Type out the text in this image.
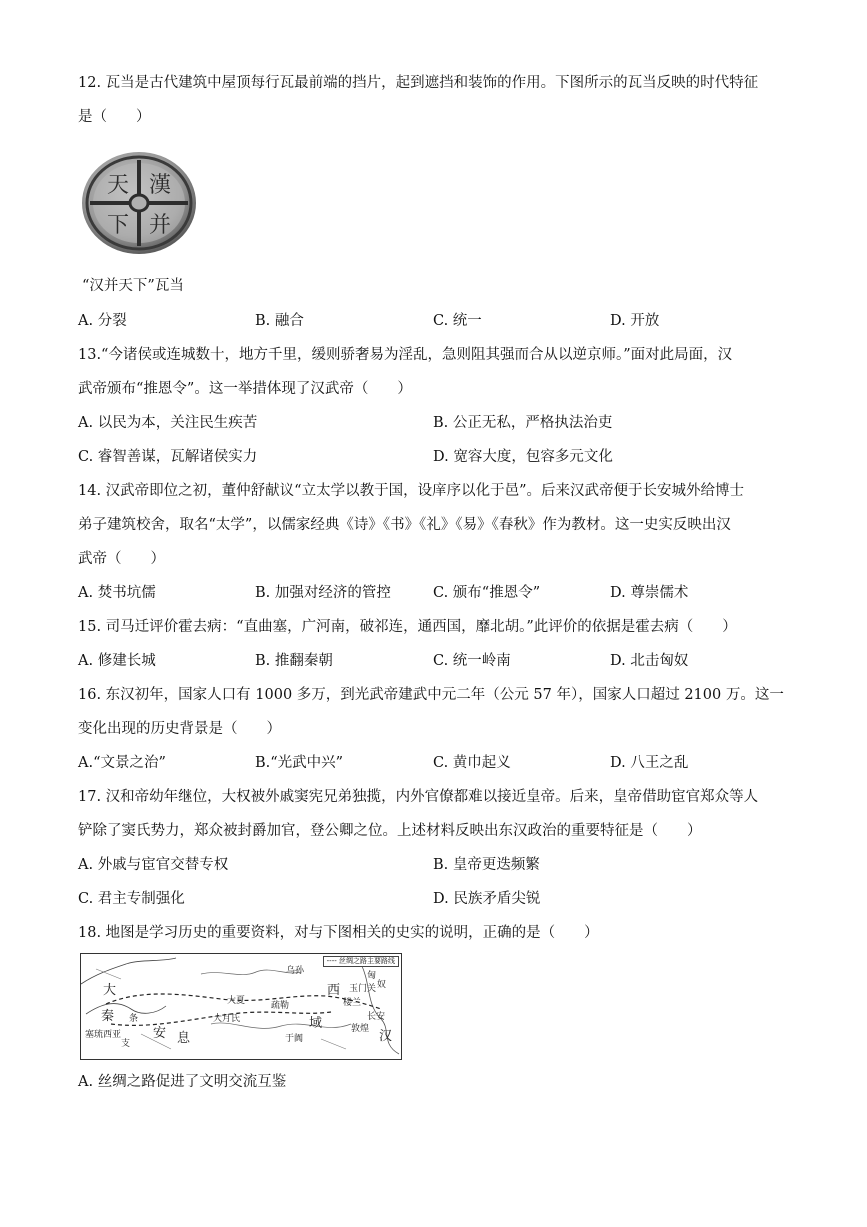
12. 瓦当是古代建筑中屋顶每行瓦最前端的挡片，起到遮挡和装饰的作用。下图所示的瓦当反映的时代特征
是（　　）
漢
并
天
下
“汉并天下”瓦当
A. 分裂	B. 融合	C. 统一	D. 开放
13.“今诸侯或连城数十，地方千里，缓则骄奢易为淫乱，急则阻其强而合从以逆京师。”面对此局面，汉
武帝颁布“推恩令”。这一举措体现了汉武帝（　　）
A. 以民为本，关注民生疾苦	B. 公正无私，严格执法治吏
C. 睿智善谋，瓦解诸侯实力	D. 宽容大度，包容多元文化
14. 汉武帝即位之初，董仲舒献议“立太学以教于国，设庠序以化于邑”。后来汉武帝便于长安城外给博士
弟子建筑校舍，取名“太学”，以儒家经典《诗》《书》《礼》《易》《春秋》作为教材。这一史实反映出汉
武帝（　　）
A. 焚书坑儒	B. 加强对经济的管控	C. 颁布“推恩令”	D. 尊崇儒术
15. 司马迁评价霍去病：“直曲塞，广河南，破祁连，通西国，靡北胡。”此评价的依据是霍去病（　　）
A. 修建长城	B. 推翻秦朝	C. 统一岭南	D. 北击匈奴
16. 东汉初年，国家人口有 1000 多万，到光武帝建武中元二年（公元 57 年），国家人口超过 2100 万。这一
变化出现的历史背景是（　　）
A.“文景之治”	B.“光武中兴”	C. 黄巾起义	D. 八王之乱
17. 汉和帝幼年继位，大权被外戚窦宪兄弟独揽，内外官僚都难以接近皇帝。后来，皇帝借助宦官郑众等人
铲除了窦氏势力，郑众被封爵加官，登公卿之位。上述材料反映出东汉政治的重要特征是（　　）
A. 外戚与宦官交替专权	B. 皇帝更迭频繁
C. 君主专制强化	D. 民族矛盾尖锐
18. 地图是学习历史的重要资料，对与下图相关的史实的说明，正确的是（　　）
---- 丝绸之路主要路线
匈
奴
西
域	长安
汉
大
秦 条
支
安 息
大夏
大月氏
乌孙
疏勒	楼兰
于阗
玉门关
敦煌
塞琉西亚
A. 丝绸之路促进了文明交流互鉴
